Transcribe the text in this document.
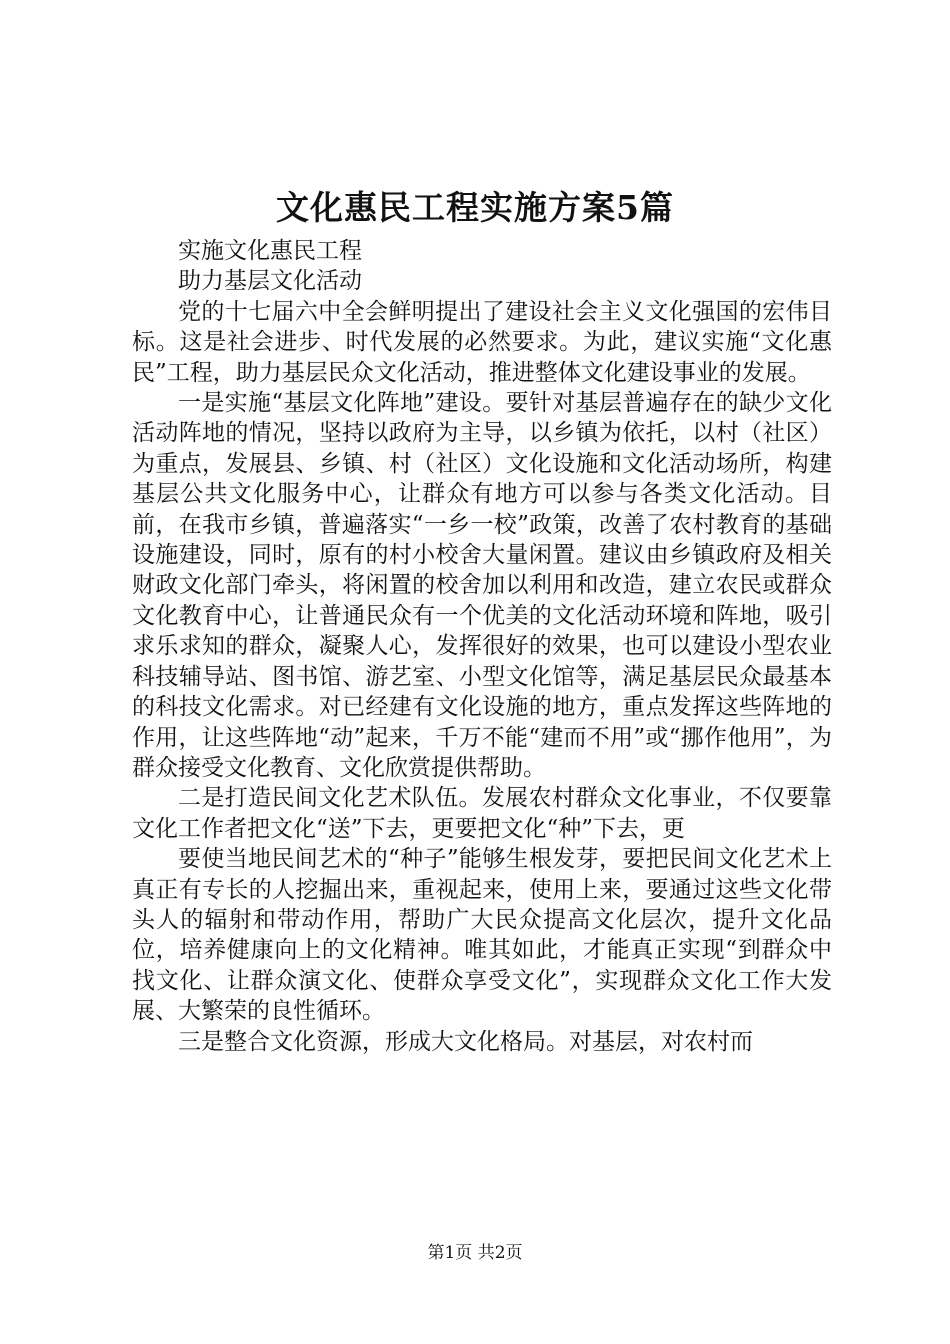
文化惠民工程实施方案5篇

实施文化惠民工程

助力基层文化活动

党的十七届六中全会鲜明提出了建设社会主义文化强国的宏伟目标。这是社会进步、时代发展的必然要求。为此，建议实施“文化惠民”工程，助力基层民众文化活动，推进整体文化建设事业的发展。

一是实施“基层文化阵地”建设。要针对基层普遍存在的缺少文化活动阵地的情况，坚持以政府为主导，以乡镇为依托，以村（社区）为重点，发展县、乡镇、村（社区）文化设施和文化活动场所，构建基层公共文化服务中心，让群众有地方可以参与各类文化活动。目前，在我市乡镇，普遍落实“一乡一校”政策，改善了农村教育的基础设施建设，同时，原有的村小校舍大量闲置。建议由乡镇政府及相关财政文化部门牵头，将闲置的校舍加以利用和改造，建立农民或群众文化教育中心，让普通民众有一个优美的文化活动环境和阵地，吸引求乐求知的群众，凝聚人心，发挥很好的效果，也可以建设小型农业科技辅导站、图书馆、游艺室、小型文化馆等，满足基层民众最基本的科技文化需求。对已经建有文化设施的地方，重点发挥这些阵地的作用，让这些阵地“动”起来，千万不能“建而不用”或“挪作他用”，为群众接受文化教育、文化欣赏提供帮助。

二是打造民间文化艺术队伍。发展农村群众文化事业，不仅要靠文化工作者把文化“送”下去，更要把文化“种”下去，更

要使当地民间艺术的“种子”能够生根发芽，要把民间文化艺术上真正有专长的人挖掘出来，重视起来，使用上来，要通过这些文化带头人的辐射和带动作用，帮助广大民众提高文化层次，提升文化品位，培养健康向上的文化精神。唯其如此，才能真正实现“到群众中找文化、让群众演文化、使群众享受文化”，实现群众文化工作大发展、大繁荣的良性循环。

三是整合文化资源，形成大文化格局。对基层，对农村而

第1页 共2页
